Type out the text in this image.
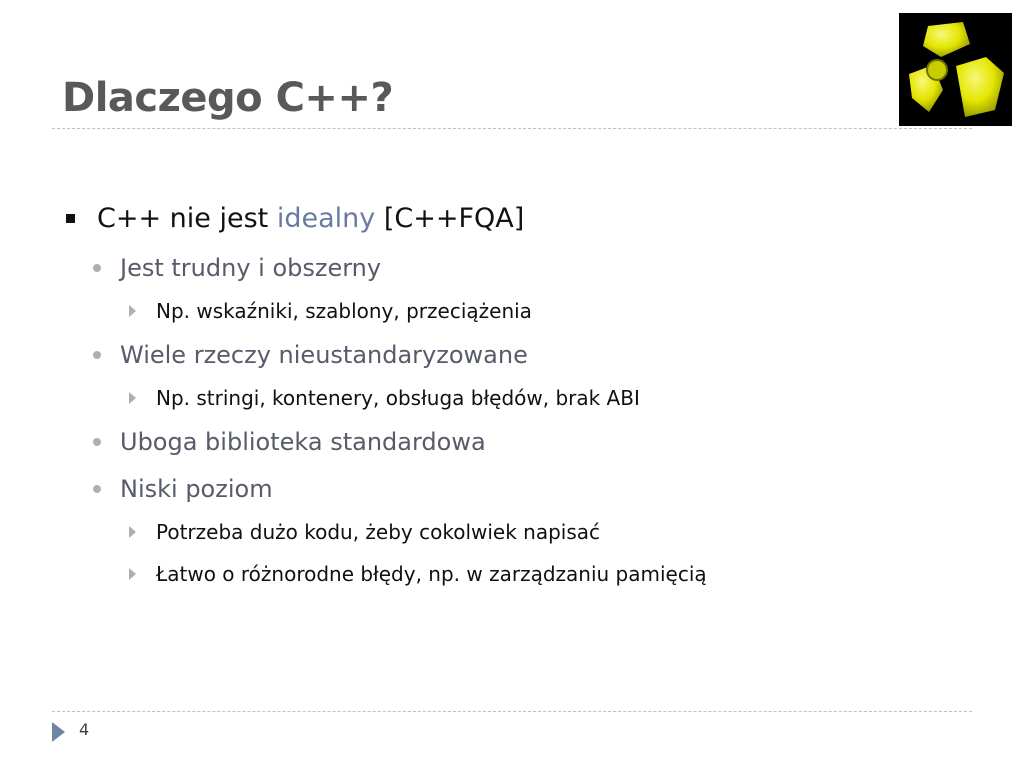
Dlaczego C++?
C++ nie jest idealny [C++FQA]
Jest trudny i obszerny
Np. wskaźniki, szablony, przeciążenia
Wiele rzeczy nieustandaryzowane
Np. stringi, kontenery, obsługa błędów, brak ABI
Uboga biblioteka standardowa
Niski poziom
Potrzeba dużo kodu, żeby cokolwiek napisać
Łatwo o różnorodne błędy, np. w zarządzaniu pamięcią
4
